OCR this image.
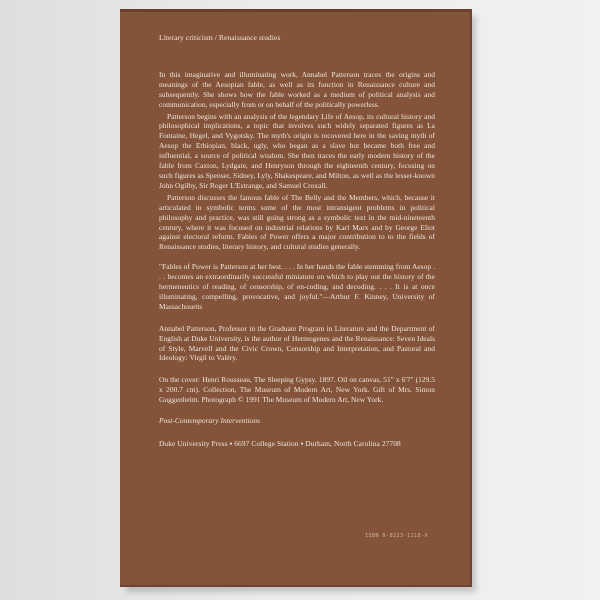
Literary criticism / Renaissance studies

In this imaginative and illuminating work, Annabel Patterson traces the origins and meanings of the Aesopian fable, as well as its function in Renaissance culture and subsequently. She shows how the fable worked as a medium of political analysis and communication, especially from or on behalf of the politically powerless.

Patterson begins with an analysis of the legendary Life of Aesop, its cultural history and philosophical implications, a topic that involves such widely separated figures as La Fontaine, Hegel, and Vygotsky. The myth's origin is recovered here in the saving myth of Aesop the Ethiopian, black, ugly, who began as a slave but became both free and influential, a source of political wisdom. She then traces the early modern history of the fable from Caxton, Lydgate, and Henryson through the eighteenth century, focusing on such figures as Spenser, Sidney, Lyly, Shakespeare, and Milton, as well as the lesser-known John Ogilby, Sir Roger L'Estrange, and Samuel Croxall.

Patterson discusses the famous fable of The Belly and the Members, which, because it articulated in symbolic terms some of the most intransigent problems in political philosophy and practice, was still going strong as a symbolic text in the mid-nineteenth century, where it was focused on industrial relations by Karl Marx and by George Eliot against electoral reform. Fables of Power offers a major contribution to to the fields of Renaissance studies, literary history, and cultural studies generally.

"Fables of Power is Patterson at her best. . . . In her hands the fable stemming from Aesop . . . becomes an extraordinarily successful miniature on which to play out the history of the hermeneutics of reading, of censorship, of en-coding, and decoding. . . . It is at once illuminating, compelling, provocative, and joyful."—Arthur F. Kinney, University of Massachusetts

Annabel Patterson, Professor in the Graduate Program in Literature and the Department of English at Duke University, is the author of Hermogenes and the Renaissance: Seven Ideals of Style, Marvell and the Civic Crown, Censorship and Interpretation, and Pastoral and Ideology: Virgil to Valéry.

On the cover: Henri Rousseau, The Sleeping Gypsy. 1897. Oil on canvas, 51" x 6'7" (129.5 x 200.7 cm). Collection, The Museum of Modern Art, New York. Gift of Mrs. Simon Guggenheim. Photograph © 1991 The Museum of Modern Art, New York.

Post-Contemporary Interventions
Duke University Press ▪ 6697 College Station ▪ Durham, North Carolina 27708
ISBN 0-8223-1118-X
